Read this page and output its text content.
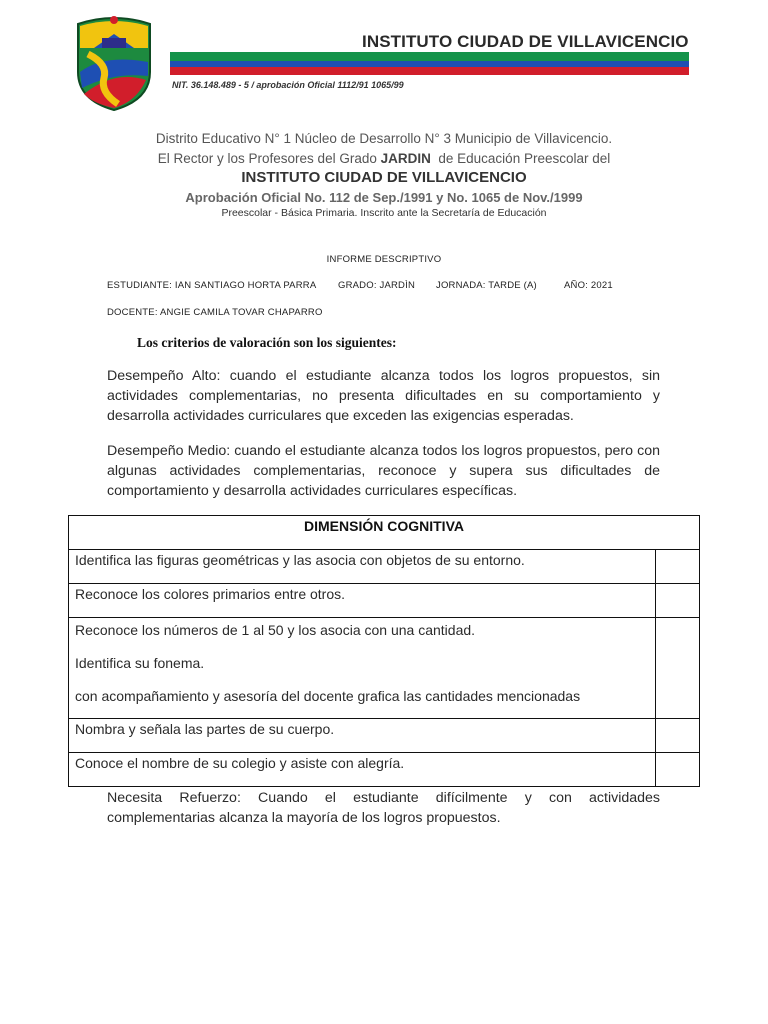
INSTITUTO CIUDAD DE VILLAVICENCIO
NIT. 36.148.489 - 5 / aprobación Oficial 1112/91 1065/99
Distrito Educativo N° 1 Núcleo de Desarrollo N° 3 Municipio de Villavicencio.
El Rector y los Profesores del Grado JARDIN de Educación Preescolar del
INSTITUTO CIUDAD DE VILLAVICENCIO
Aprobación Oficial No. 112 de Sep./1991 y No. 1065 de Nov./1999
Preescolar - Básica Primaria. Inscrito ante la Secretaría de Educación
INFORME DESCRIPTIVO
ESTUDIANTE: IAN SANTIAGO HORTA PARRA GRADO: JARDÌN JORNADA: TARDE (A)	AÑO: 2021
DOCENTE: ANGIE CAMILA TOVAR CHAPARRO
Los criterios de valoración son los siguientes:
Desempeño Alto: cuando el estudiante alcanza todos los logros propuestos, sin actividades complementarias, no presenta dificultades en su comportamiento y desarrolla actividades curriculares que exceden las exigencias esperadas.
Desempeño Medio: cuando el estudiante alcanza todos los logros propuestos, pero con algunas actividades complementarias, reconoce y supera sus dificultades de comportamiento y desarrolla actividades curriculares específicas.
DIMENSIÓN COGNITIVA
Identifica las figuras geométricas y las asocia con objetos de su entorno.
Reconoce los colores primarios entre otros.
Reconoce los números de 1 al 50 y los asocia con una cantidad.
Identifica su fonema.
con acompañamiento y asesoría del docente grafica las cantidades mencionadas
Nombra y señala las partes de su cuerpo.
Conoce el nombre de su colegio y asiste con alegría.
Necesita Refuerzo: Cuando el estudiante difícilmente y con actividades complementarias alcanza la mayoría de los logros propuestos.
